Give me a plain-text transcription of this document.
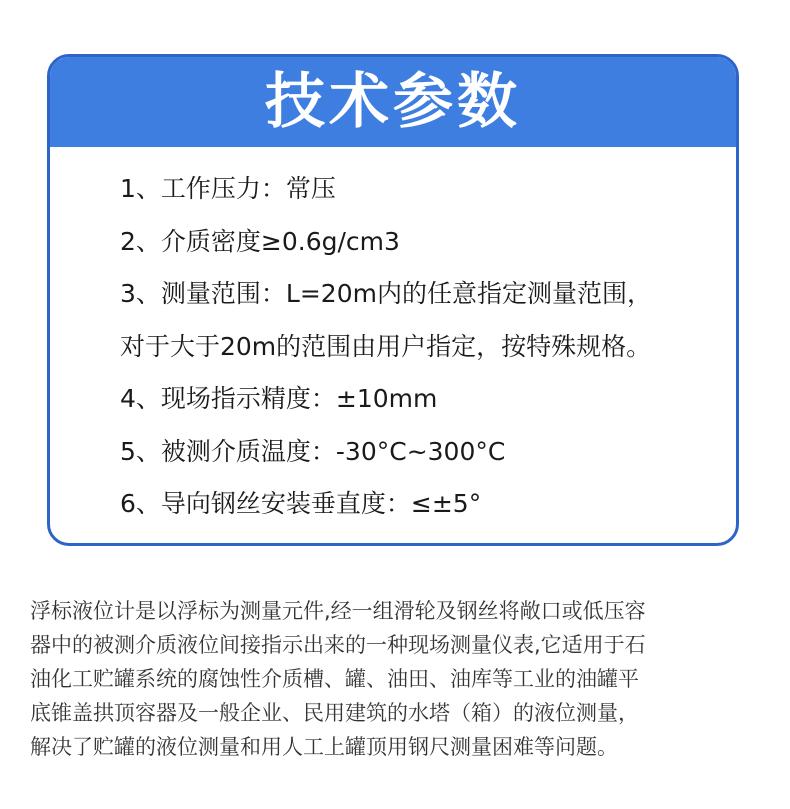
技术参数
1、工作压力：常压
2、介质密度≥0.6g/cm3
3、测量范围：L=20m内的任意指定测量范围，
对于大于20m的范围由用户指定，按特殊规格。
4、现场指示精度：±10mm
5、被测介质温度：-30°C~300°C
6、导向钢丝安装垂直度：≤±5°

浮标液位计是以浮标为测量元件,经一组滑轮及钢丝将敞口或低压容
器中的被测介质液位间接指示出来的一种现场测量仪表,它适用于石
油化工贮罐系统的腐蚀性介质槽、罐、油田、油库等工业的油罐平
底锥盖拱顶容器及一般企业、民用建筑的水塔（箱）的液位测量，
解决了贮罐的液位测量和用人工上罐顶用钢尺测量困难等问题。
